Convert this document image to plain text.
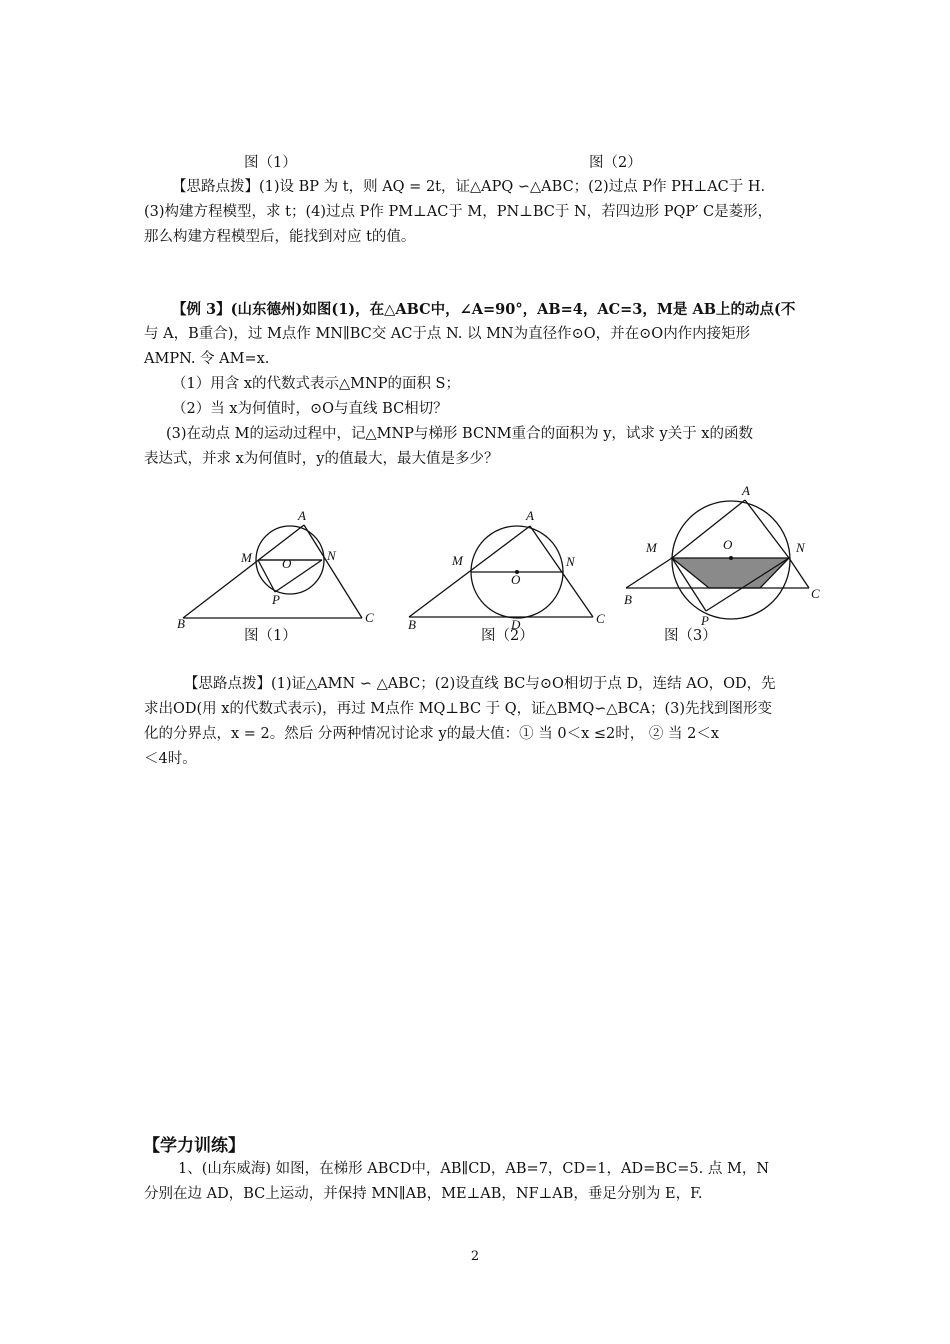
图（1）	图（2）
【思路点拨】(1)设 BP 为 t，则 AQ = 2t，证△APQ ∽△ABC；(2)过点 P作 PH⊥AC于 H.
(3)构建方程模型，求 t；(4)过点 P作 PM⊥AC于 M，PN⊥BC于 N，若四边形 PQP′ C是菱形，
那么构建方程模型后，能找到对应 t的值。
【例 3】(山东德州)如图(1)，在△ABC中，∠A=90°，AB=4，AC=3，M是 AB上的动点(不
与 A，B重合)，过 M点作 MN∥BC交 AC于点 N. 以 MN为直径作⊙O，并在⊙O内作内接矩形
AMPN. 令 AM=x.
（1）用含 x的代数式表示△MNP的面积 S；
（2）当 x为何值时，⊙O与直线 BC相切？
(3)在动点 M的运动过程中，记△MNP与梯形 BCNM重合的面积为 y，试求 y关于 x的函数
表达式，并求 x为何值时，y的值最大，最大值是多少？
A
M	N
O
P
B	C
A
M	N
O
B	C
D
A
M	N
O
P
B	C
图（1）	图（2）	图（3）
【思路点拨】(1)证△AMN ∽ △ABC；(2)设直线 BC与⊙O相切于点 D，连结 AO，OD，先
求出OD(用 x的代数式表示)，再过 M点作 MQ⊥BC 于 Q，证△BMQ∽△BCA；(3)先找到图形变
化的分界点，x = 2。然后 分两种情况讨论求 y的最大值：① 当 0＜x ≤2时， ② 当 2＜x
＜4时。
【学力训练】
1、(山东威海) 如图，在梯形 ABCD中，AB∥CD，AB=7，CD=1，AD=BC=5. 点 M，N
分别在边 AD，BC上运动，并保持 MN∥AB，ME⊥AB，NF⊥AB，垂足分别为 E，F.
2
